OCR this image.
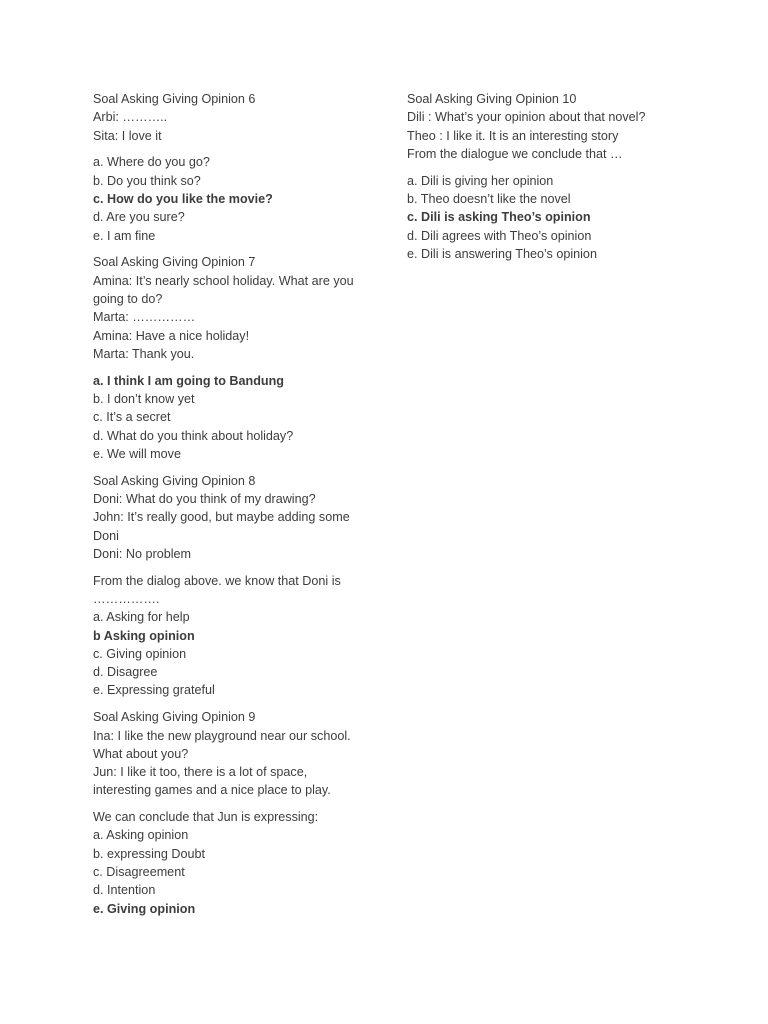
Soal Asking Giving Opinion 6

Arbi: ………..

Sita: I love it

a. Where do you go?

b. Do you think so?

c. How do you like the movie?

d. Are you sure?

e. I am fine

Soal Asking Giving Opinion 7

Amina: It’s nearly school holiday. What are you

going to do?

Marta: ……………

Amina: Have a nice holiday!

Marta: Thank you.

a. I think I am going to Bandung

b. I don’t know yet

c. It’s a secret

d. What do you think about holiday?

e. We will move

Soal Asking Giving Opinion 8

Doni: What do you think of my drawing?

John: It’s really good, but maybe adding some

Doni

Doni: No problem

From the dialog above. we know that Doni is

…………….

a. Asking for help

b Asking opinion

c. Giving opinion

d. Disagree

e. Expressing grateful

Soal Asking Giving Opinion 9

Ina: I like the new playground near our school.

What about you?

Jun: I like it too, there is a lot of space,

interesting games and a nice place to play.

We can conclude that Jun is expressing:

a. Asking opinion

b. expressing Doubt

c. Disagreement

d. Intention

e. Giving opinion

Soal Asking Giving Opinion 10

Dili : What’s your opinion about that novel?

Theo : I like it. It is an interesting story

From the dialogue we conclude that …

a. Dili is giving her opinion

b. Theo doesn’t like the novel

c. Dili is asking Theo’s opinion

d. Dili agrees with Theo’s opinion

e. Dili is answering Theo’s opinion
